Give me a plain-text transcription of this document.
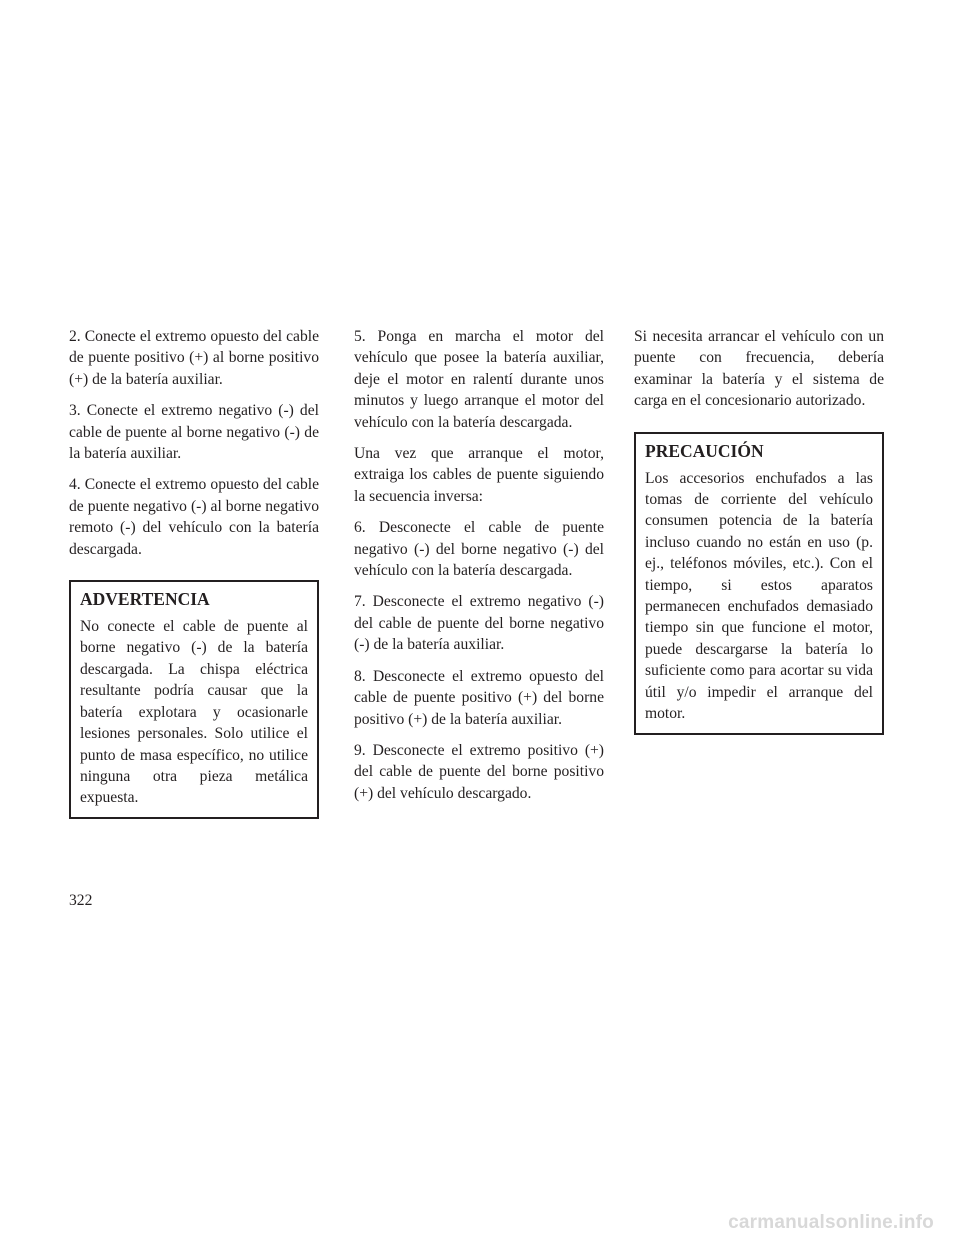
2. Conecte el extremo opuesto del cable de puente positivo (+) al borne positivo (+) de la batería auxiliar.

3. Conecte el extremo negativo (-) del cable de puente al borne negativo (-) de la batería auxiliar.

4. Conecte el extremo opuesto del cable de puente negativo (-) al borne negativo remoto (-) del vehículo con la batería descargada.

ADVERTENCIA

No conecte el cable de puente al borne negativo (-) de la batería descargada. La chispa eléctrica resultante podría causar que la batería explotara y ocasionarle lesiones personales. Solo utilice el punto de masa específico, no utilice ninguna otra pieza metálica expuesta.

5. Ponga en marcha el motor del vehículo que posee la batería auxiliar, deje el motor en ralentí durante unos minutos y luego arranque el motor del vehículo con la batería descargada.

Una vez que arranque el motor, extraiga los cables de puente siguiendo la secuencia inversa:

6. Desconecte el cable de puente negativo (-) del borne negativo (-) del vehículo con la batería descargada.

7. Desconecte el extremo negativo (-) del cable de puente del borne negativo (-) de la batería auxiliar.

8. Desconecte el extremo opuesto del cable de puente positivo (+) del borne positivo (+) de la batería auxiliar.

9. Desconecte el extremo positivo (+) del cable de puente del borne positivo (+) del vehículo descargado.

Si necesita arrancar el vehículo con un puente con frecuencia, debería examinar la batería y el sistema de carga en el concesionario autorizado.

PRECAUCIÓN

Los accesorios enchufados a las tomas de corriente del vehículo consumen potencia de la batería incluso cuando no están en uso (p. ej., teléfonos móviles, etc.). Con el tiempo, si estos aparatos permanecen enchufados demasiado tiempo sin que funcione el motor, puede descargarse la batería lo suficiente como para acortar su vida útil y/o impedir el arranque del motor.

322
carmanualsonline.info
